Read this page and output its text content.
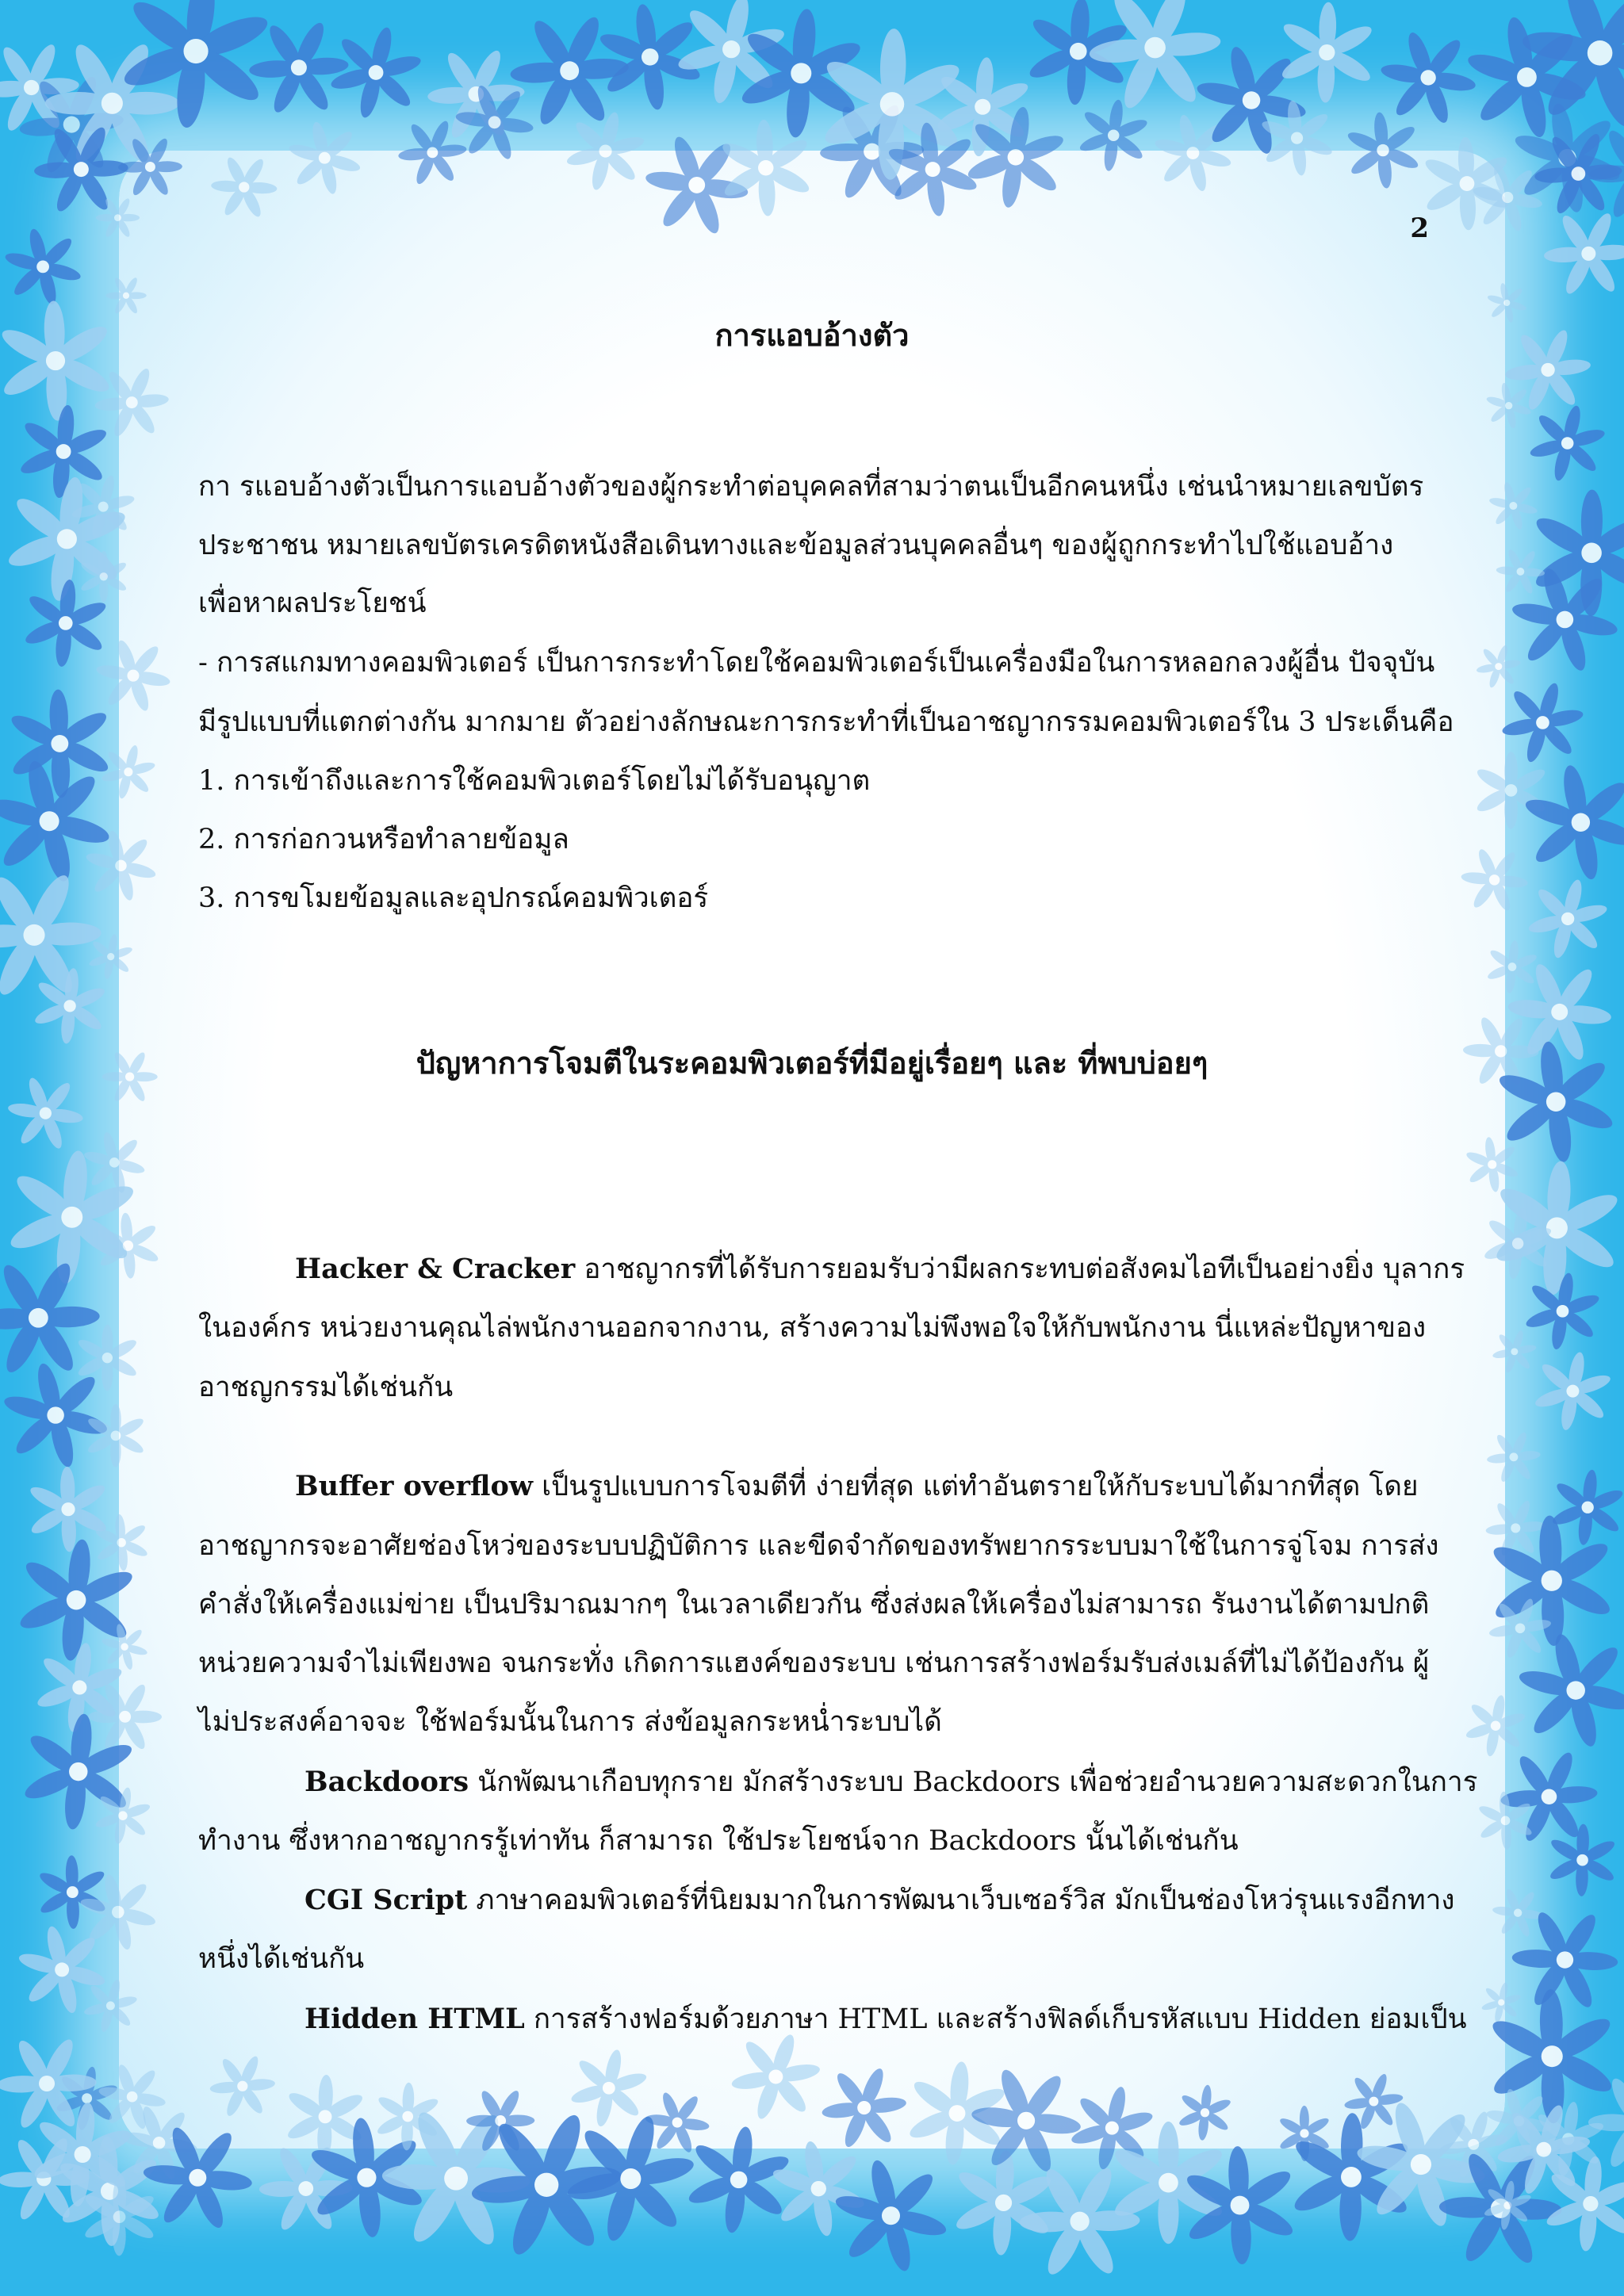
2
การแอบอ้างตัว
กา รแอบอ้างตัวเป็นการแอบอ้างตัวของผู้กระทำต่อบุคคลที่สามว่าตนเป็นอีกคนหนึ่ง เช่นนำหมายเลขบัตร
ประชาชน หมายเลขบัตรเครดิตหนังสือเดินทางและข้อมูลส่วนบุคคลอื่นๆ ของผู้ถูกกระทำไปใช้แอบอ้าง
เพื่อหาผลประโยชน์
- การสแกมทางคอมพิวเตอร์ เป็นการกระทำโดยใช้คอมพิวเตอร์เป็นเครื่องมือในการหลอกลวงผู้อื่น ปัจจุบัน
มีรูปแบบที่แตกต่างกัน มากมาย ตัวอย่างลักษณะการกระทำที่เป็นอาชญากรรมคอมพิวเตอร์ใน 3 ประเด็นคือ
1. การเข้าถึงและการใช้คอมพิวเตอร์โดยไม่ได้รับอนุญาต
2. การก่อกวนหรือทำลายข้อมูล
3. การขโมยข้อมูลและอุปกรณ์คอมพิวเตอร์
ปัญหาการโจมตีในระคอมพิวเตอร์ที่มีอยู่เรื่อยๆ และ ที่พบบ่อยๆ
Hacker & Cracker อาชญากรที่ได้รับการยอมรับว่ามีผลกระทบต่อสังคมไอทีเป็นอย่างยิ่ง บุลากร
ในองค์กร หน่วยงานคุณไล่พนักงานออกจากงาน, สร้างความไม่พึงพอใจให้กับพนักงาน นี่แหล่ะปัญหาของ
อาชญกรรมได้เช่นกัน
Buffer overflow เป็นรูปแบบการโจมตีที่ ง่ายที่สุด แต่ทำอันตรายให้กับระบบได้มากที่สุด โดย
อาชญากรจะอาศัยช่องโหว่ของระบบปฏิบัติการ และขีดจำกัดของทรัพยากรระบบมาใช้ในการจู่โจม การส่ง
คำสั่งให้เครื่องแม่ข่าย เป็นปริมาณมากๆ ในเวลาเดียวกัน ซึ่งส่งผลให้เครื่องไม่สามารถ รันงานได้ตามปกติ
หน่วยความจำไม่เพียงพอ จนกระทั่ง เกิดการแฮงค์ของระบบ เช่นการสร้างฟอร์มรับส่งเมล์ที่ไม่ได้ป้องกัน ผู้
ไม่ประสงค์อาจจะ ใช้ฟอร์มนั้นในการ ส่งข้อมูลกระหน่ำระบบได้
Backdoors นักพัฒนาเกือบทุกราย มักสร้างระบบ Backdoors เพื่อช่วยอำนวยความสะดวกในการ
ทำงาน ซึ่งหากอาชญากรรู้เท่าทัน ก็สามารถ ใช้ประโยชน์จาก Backdoors นั้นได้เช่นกัน
CGI Script ภาษาคอมพิวเตอร์ที่นิยมมากในการพัฒนาเว็บเซอร์วิส มักเป็นช่องโหว่รุนแรงอีกทาง
หนึ่งได้เช่นกัน
Hidden HTML การสร้างฟอร์มด้วยภาษา HTML และสร้างฟิลด์เก็บรหัสแบบ Hidden ย่อมเป็น
